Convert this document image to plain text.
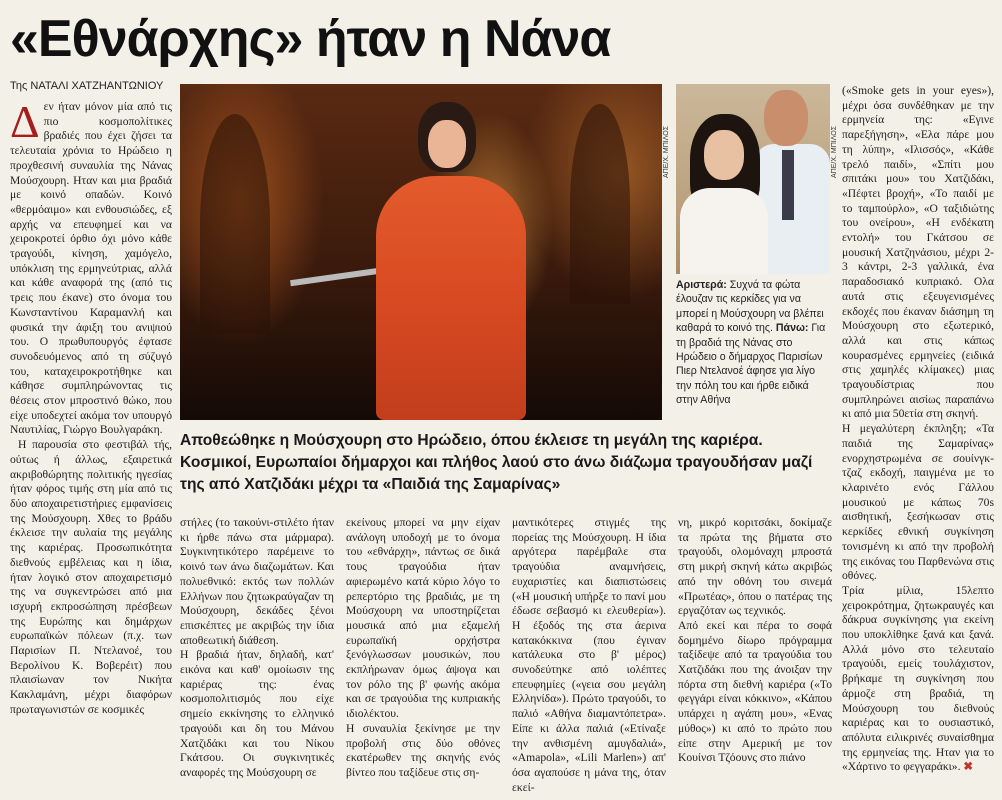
«Εθνάρχης» ήταν η Νάνα
Της ΝΑΤΑΛΙ ΧΑΤΖΗΑΝΤΩΝΙΟΥ

Δεν ήταν μόνον μία από τις πιο κοσμοπολίτικες βραδιές που έχει ζήσει τα τελευταία χρόνια το Ηρώδειο η προχθεσινή συναυλία της Νάνας Μούσχουρη. Ηταν και μια βραδιά με κοινό οπαδών. Κοινό «θερμόαιμο» και ενθουσιώδες, εξ αρχής να επευφημεί και να χειροκροτεί όρθιο όχι μόνο κάθε τραγούδι, κίνηση, χαμόγελο, υπόκλιση της ερμηνεύτριας, αλλά και κάθε αναφορά της (από τις τρεις που έκανε) στο όνομα του Κωνσταντίνου Καραμανλή και φυσικά την άφιξη του ανιψιού του. Ο πρωθυπουργός έφτασε συνοδευόμενος από τη σύζυγό του, καταχειροκροτήθηκε και κάθησε συμπληρώνοντας τις θέσεις στον μπροστινό θώκο, που είχε υποδεχτεί ακόμα τον υπουργό Ναυτιλίας, Γιώργο Βουλγαράκη.

Η παρουσία στο φεστιβάλ τής, ούτως ή άλλως, εξαιρετικά ακριβοθώρητης πολιτικής ηγεσίας ήταν φόρος τιμής στη μία από τις δύο αποχαιρετιστήριες εμφανίσεις της Μούσχουρη. Χθες το βράδυ έκλεισε την αυλαία της μεγάλης της καριέρας. Προσωπικότητα διεθνούς εμβέλειας και η ίδια, ήταν λογικό στον αποχαιρετισμό της να συγκεντρώσει από μια ισχυρή εκπροσώπηση πρέσβεων της Ευρώπης και δημάρχων ευρωπαϊκών πόλεων (π.χ. των Παρισίων Π. Ντελανοέ, του Βερολίνου Κ. Βοβερέιτ) που πλαισίωναν τον Νικήτα Κακλαμάνη, μέχρι διαφόρων πρωταγωνιστών σε κοσμικές

ΑΠΕ/Χ. ΜΠΙΛΟΣ	ΑΠΕ/Χ. ΜΠΙΛΟΣ
Αριστερά: Συχνά τα φώτα έλουζαν τις κερκίδες για να μπορεί η Μούσχουρη να βλέπει καθαρά το κοινό της. Πάνω: Για τη βραδιά της Νάνας στο Ηρώδειο ο δήμαρχος Παρισίων Πιερ Ντελανοέ άφησε για λίγο την πόλη του και ήρθε ειδικά στην Αθήνα
Αποθεώθηκε η Μούσχουρη στο Ηρώδειο, όπου έκλεισε τη μεγάλη της καριέρα. Κοσμικοί, Ευρωπαίοι δήμαρχοι και πλήθος λαού στο άνω διάζωμα τραγουδήσαν μαζί της από Χατζιδάκι μέχρι τα «Παιδιά της Σαμαρίνας»
στήλες (το τακούνι-στιλέτο ήταν κι ήρθε πάνω στα μάρμαρα). Συγκινητικότερο παρέμεινε το κοινό των άνω διαζωμάτων. Και πολυεθνικό: εκτός των πολλών Ελλήνων που ζητωκραύγαζαν τη Μούσχουρη, δεκάδες ξένοι επισκέπτες με ακριβώς την ίδια αποθεωτική διάθεση.
Η βραδιά ήταν, δηλαδή, κατ' εικόνα και καθ' ομοίωσιν της καριέρας της: ένας κοσμοπολιτισμός που είχε σημείο εκκίνησης το ελληνικό τραγούδι και δη του Μάνου Χατζιδάκι και του Νίκου Γκάτσου. Οι συγκινητικές αναφορές της Μούσχουρη σε
εκείνους μπορεί να μην είχαν ανάλογη υποδοχή με το όνομα του «εθνάρχη», πάντως σε δικά τους τραγούδια ήταν αφιερωμένο κατά κύριο λόγο το ρεπερτόριο της βραδιάς, με τη Μούσχουρη να υποστηρίζεται μουσικά από μια εξαμελή ευρωπαϊκή ορχήστρα ξενόγλωσσων μουσικών, που εκπλήρωναν όμως άψογα και τον ρόλο της β' φωνής ακόμα και σε τραγούδια της κυπριακής ιδιολέκτου.
Η συναυλία ξεκίνησε με την προβολή στις δύο οθόνες εκατέρωθεν της σκηνής ενός βίντεο που ταξίδευε στις ση-
μαντικότερες στιγμές της πορείας της Μούσχουρη. Η ίδια αργότερα παρέμβαλε στα τραγούδια αναμνήσεις, ευχαριστίες και διαπιστώσεις («Η μουσική υπήρξε το πανί μου έδωσε σεβασμό κι ελευθερία»). Η έξοδός της στα άερινα κατακόκκινα (που έγιναν κατάλευκα στο β' μέρος) συνοδεύτηκε από ιολέπτες επευφημίες («γεια σου μεγάλη Ελληνίδα»). Πρώτο τραγούδι, το παλιό «Αθήνα διαμαντόπετρα». Είπε κι άλλα παλιά («Ετίναξε την ανθισμένη αμυγδαλιά», «Amapola», «Lili Marlen») απ' όσα αγαπούσε η μάνα της, όταν εκεί-
νη, μικρό κοριτσάκι, δοκίμαζε τα πρώτα της βήματα στο τραγούδι, ολομόναχη μπροστά στη μικρή σκηνή κάτω ακριβώς από την οθόνη του σινεμά «Πρωτέας», όπου ο πατέρας της εργαζόταν ως τεχνικός.
Από εκεί και πέρα το σοφά δομημένο δίωρο πρόγραμμα ταξίδεψε από τα τραγούδια του Χατζιδάκι που της άνοιξαν την πόρτα στη διεθνή καριέρα («Το φεγγάρι είναι κόκκινο», «Κάπου υπάρχει η αγάπη μου», «Ενας μύθος») κι από το πρώτο που είπε στην Αμερική με τον Κουίνσι Τζόουνς στο πιάνο
(«Smoke gets in your eyes»), μέχρι όσα συνδέθηκαν με την ερμηνεία της: «Εγινε παρεξήγηση», «Ελα πάρε μου τη λύπη», «Ιλισσός», «Κάθε τρελό παιδί», «Σπίτι μου σπιτάκι μου» του Χατζιδάκι, «Πέφτει βροχή», «Το παιδί με το ταμπούρλο», «Ο ταξιδιώτης του ονείρου», «Η ενδέκατη εντολή» του Γκάτσου σε μουσική Χατζηνάσιου, μέχρι 2-3 κάντρι, 2-3 γαλλικά, ένα παραδοσιακό κυπριακό. Ολα αυτά στις εξευγενισμένες εκδοχές που έκαναν διάσημη τη Μούσχουρη στο εξωτερικό, αλλά και στις κάπως κουρασμένες ερμηνείες (ειδικά στις χαμηλές κλίμακες) μιας τραγουδίστριας που συμπληρώνει αισίως παραπάνω κι από μια 50ετία στη σκηνή.
Η μεγαλύτερη έκπληξη; «Τα παιδιά της Σαμαρίνας» ενορχηστρωμένα σε σουίνγκ-τζαζ εκδοχή, παιγμένα με το κλαρινέτο ενός Γάλλου μουσικού με κάπως 70s αισθητική, ξεσήκωσαν στις κερκίδες εθνική συγκίνηση τονισμένη κι από την προβολή της εικόνας του Παρθενώνα στις οθόνες.
Τρία μίλια, 15λεπτο χειροκρότημα, ζητωκραυγές και δάκρυα συγκίνησης για εκείνη που υποκλίθηκε ξανά και ξανά. Αλλά μόνο στο τελευταίο τραγούδι, εμείς τουλάχιστον, βρήκαμε τη συγκίνηση που άρμοζε στη βραδιά, τη Μούσχουρη του διεθνούς καριέρας και το ουσιαστικό, απόλυτα ειλικρινές συναίσθημα της ερμηνείας της. Ηταν για το «Χάρτινο το φεγγαράκι». ✖
